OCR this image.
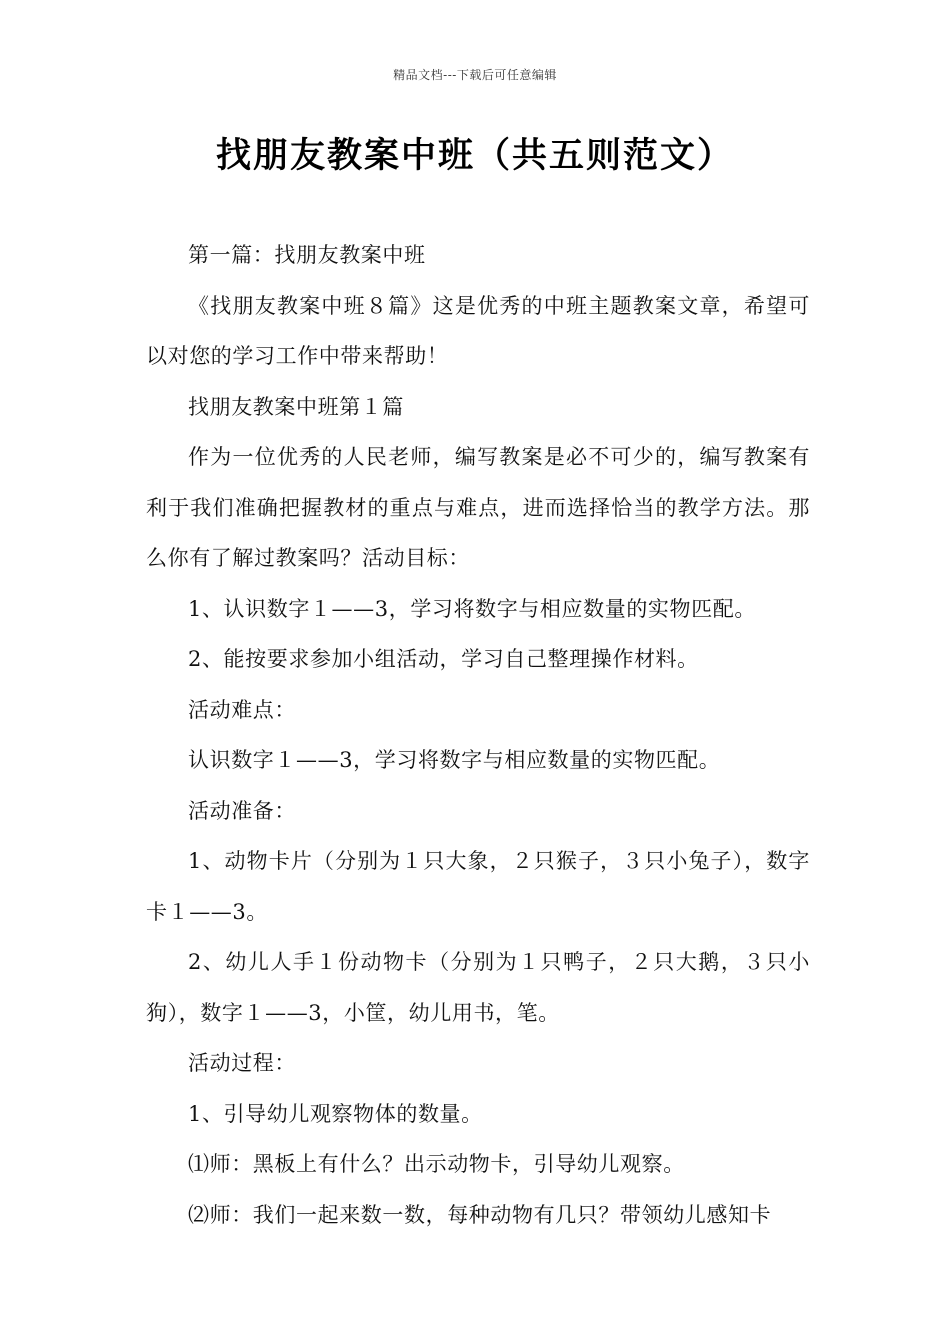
精品文档---下载后可任意编辑
找朋友教案中班（共五则范文）

第一篇：找朋友教案中班

《找朋友教案中班８篇》这是优秀的中班主题教案文章，希望可以对您的学习工作中带来帮助！

找朋友教案中班第１篇

作为一位优秀的人民老师，编写教案是必不可少的，编写教案有利于我们准确把握教材的重点与难点，进而选择恰当的教学方法。那么你有了解过教案吗？活动目标：

1、认识数字１——3，学习将数字与相应数量的实物匹配。

2、能按要求参加小组活动，学习自己整理操作材料。

活动难点：

认识数字１——3，学习将数字与相应数量的实物匹配。

活动准备：

1、动物卡片（分别为１只大象，２只猴子，３只小兔子），数字卡１——3。

2、幼儿人手１份动物卡（分别为１只鸭子，２只大鹅，３只小狗），数字１——3，小筐，幼儿用书，笔。

活动过程：

1、引导幼儿观察物体的数量。

⑴师：黑板上有什么？出示动物卡，引导幼儿观察。

⑵师：我们一起来数一数，每种动物有几只？带领幼儿感知卡
